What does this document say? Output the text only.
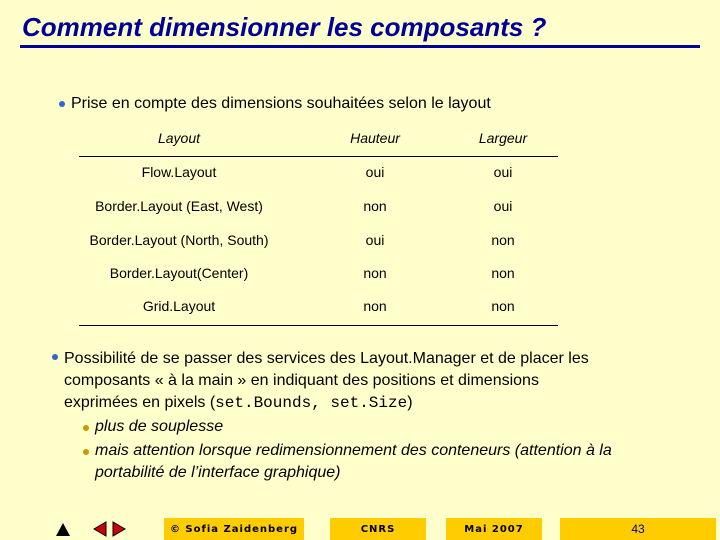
Comment dimensionner les composants ?
Prise en compte des dimensions souhaitées selon le layout
Layout	Hauteur	Largeur
Flow.Layout	oui	oui
Border.Layout (East, West)	non	oui
Border.Layout (North, South)	oui	non
Border.Layout(Center)	non	non
Grid.Layout	non	non
Possibilité de se passer des services des Layout.Manager et de placer les
composants « à la main » en indiquant des positions et dimensions
exprimées en pixels (set.Bounds, set.Size)
plus de souplesse
mais attention lorsque redimensionnement des conteneurs (attention à la
portabilité de l’interface graphique)
© Sofia Zaidenberg	CNRS	Mai 2007	43
